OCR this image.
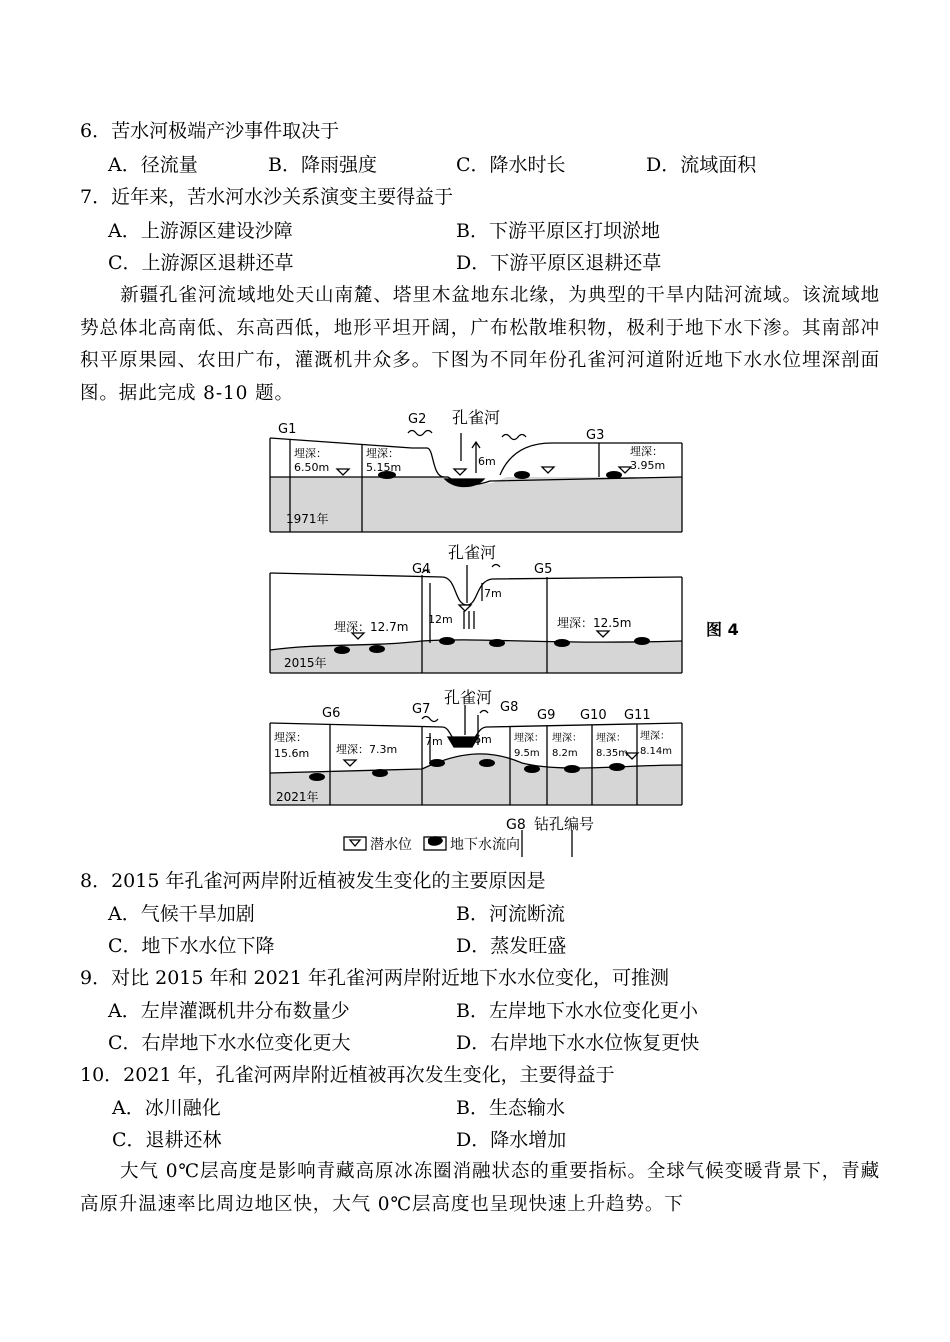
6．苦水河极端产沙事件取决于
A．径流量	B．降雨强度	C．降水时长	D．流域面积
7．近年来，苦水河水沙关系演变主要得益于
A．上游源区建设沙障	B．下游平原区打坝淤地
C．上游源区退耕还草	D．下游平原区退耕还草
新疆孔雀河流域地处天山南麓、塔里木盆地东北缘，为典型的干旱内陆河流域。该流域地势总体北高南低、东高西低，地形平坦开阔，广布松散堆积物，极利于地下水下渗。其南部冲积平原果园、农田广布，灌溉机井众多。下图为不同年份孔雀河河道附近地下水水位埋深剖面图。据此完成 8-10 题。
孔雀河
G1
G2
G3
埋深：
6.50m
埋深：
5.15m
埋深：
3.95m
6m
1971年
孔雀河
G4	G5
7m
12m
埋深：12.7m	埋深：12.5m
2015年
图 4
孔雀河
G6	G7	G8
G9 G10 G11
埋深：
15.6m 埋深：7.3m
7m	6m 埋深：
9.5m
埋深：
8.2m
埋深：
8.35m
埋深：
8.14m
2021年
G8 钻孔编号
潜水位	地下水流向
8．2015 年孔雀河两岸附近植被发生变化的主要原因是
A．气候干旱加剧	B．河流断流
C．地下水水位下降	D．蒸发旺盛
9．对比 2015 年和 2021 年孔雀河两岸附近地下水水位变化，可推测
A．左岸灌溉机井分布数量少	B．左岸地下水水位变化更小
C．右岸地下水水位变化更大	D．右岸地下水水位恢复更快
10．2021 年，孔雀河两岸附近植被再次发生变化，主要得益于
A．冰川融化	B．生态输水
C．退耕还林	D．降水增加
大气 0℃层高度是影响青藏高原冰冻圈消融状态的重要指标。全球气候变暖背景下，青藏高原升温速率比周边地区快，大气 0℃层高度也呈现快速上升趋势。下
